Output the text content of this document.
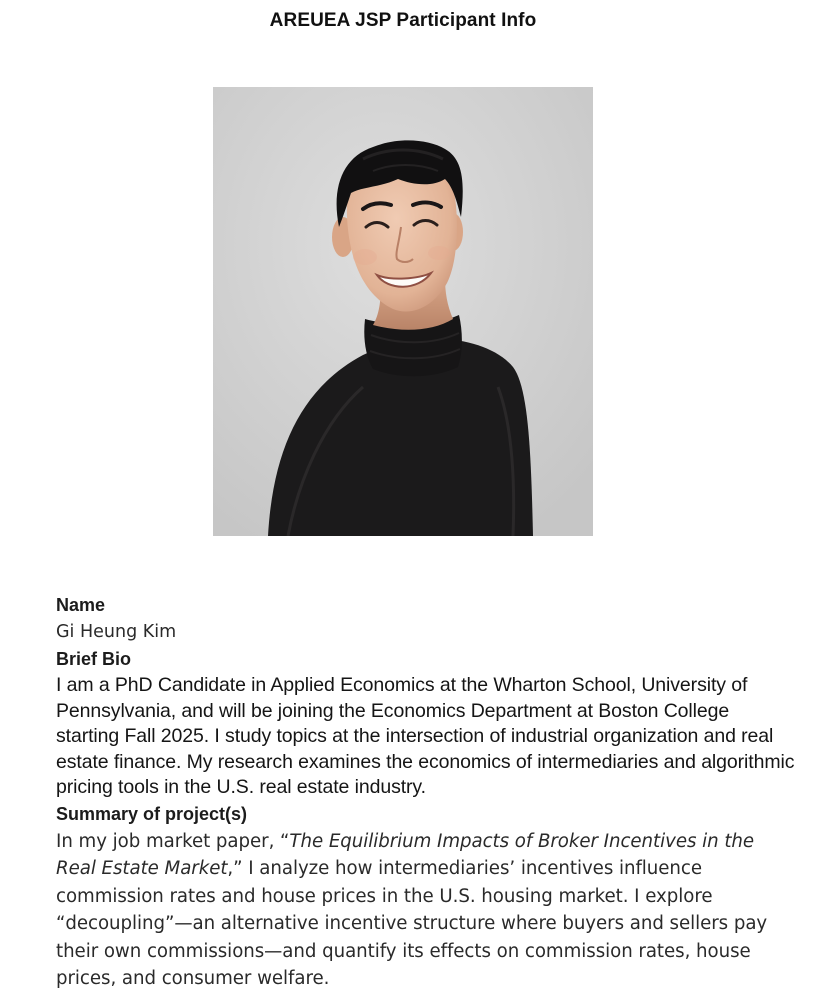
AREUEA JSP Participant Info
Name
Gi Heung Kim
Brief Bio
I am a PhD Candidate in Applied Economics at the Wharton School, University of Pennsylvania, and will be joining the Economics Department at Boston College starting Fall 2025. I study topics at the intersection of industrial organization and real estate finance. My research examines the economics of intermediaries and algorithmic pricing tools in the U.S. real estate industry.
Summary of project(s)
In my job market paper, “The Equilibrium Impacts of Broker Incentives in the Real Estate Market,” I analyze how intermediaries’ incentives influence commission rates and house prices in the U.S. housing market. I explore “decoupling”—an alternative incentive structure where buyers and sellers pay their own commissions—and quantify its effects on commission rates, house prices, and consumer welfare.
